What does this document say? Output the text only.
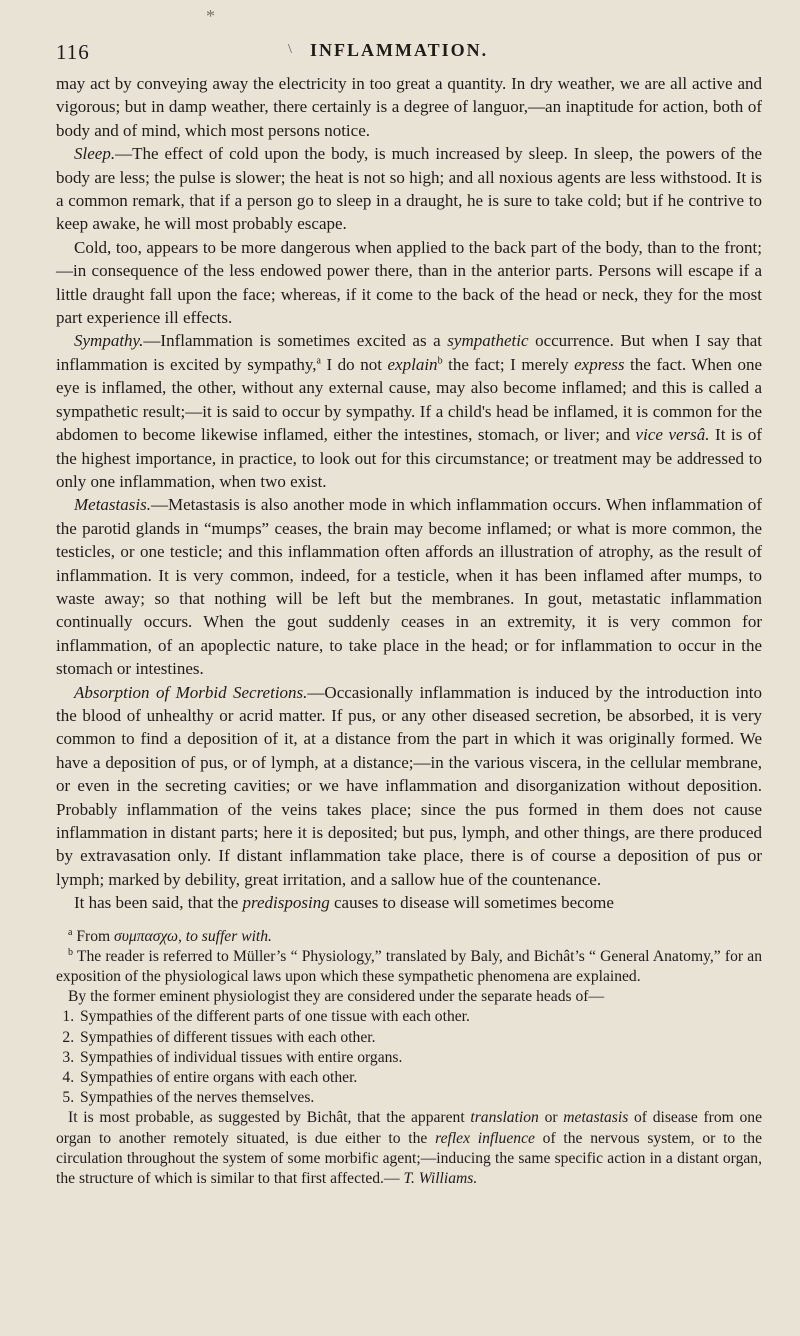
*
116	\ INFLAMMATION.

may act by conveying away the electricity in too great a quantity. In dry weather, we are all active and vigorous; but in damp weather, there certainly is a degree of languor,—an inaptitude for action, both of body and of mind, which most persons notice.

Sleep.—The effect of cold upon the body, is much increased by sleep. In sleep, the powers of the body are less; the pulse is slower; the heat is not so high; and all noxious agents are less withstood. It is a common remark, that if a person go to sleep in a draught, he is sure to take cold; but if he contrive to keep awake, he will most probably escape.

Cold, too, appears to be more dangerous when applied to the back part of the body, than to the front;—in consequence of the less endowed power there, than in the anterior parts. Persons will escape if a little draught fall upon the face; whereas, if it come to the back of the head or neck, they for the most part experience ill effects.

Sympathy.—Inflammation is sometimes excited as a sympathetic occurrence. But when I say that inflammation is excited by sympathy,$^a$ I do not explain$^b$ the fact; I merely express the fact. When one eye is inflamed, the other, without any external cause, may also become inflamed; and this is called a sympathetic result;—it is said to occur by sympathy. If a child's head be inflamed, it is common for the abdomen to become likewise inflamed, either the intestines, stomach, or liver; and vice versâ. It is of the highest importance, in practice, to look out for this circumstance; or treatment may be addressed to only one inflammation, when two exist.

Metastasis.—Metastasis is also another mode in which inflammation occurs. When inflammation of the parotid glands in “mumps” ceases, the brain may become inflamed; or what is more common, the testicles, or one testicle; and this inflammation often affords an illustration of atrophy, as the result of inflammation. It is very common, indeed, for a testicle, when it has been inflamed after mumps, to waste away; so that nothing will be left but the membranes. In gout, metastatic inflammation continually occurs. When the gout suddenly ceases in an extremity, it is very common for inflammation, of an apoplectic nature, to take place in the head; or for inflammation to occur in the stomach or intestines.

Absorption of Morbid Secretions.—Occasionally inflammation is induced by the introduction into the blood of unhealthy or acrid matter. If pus, or any other diseased secretion, be absorbed, it is very common to find a deposition of it, at a distance from the part in which it was originally formed. We have a deposition of pus, or of lymph, at a distance;—in the various viscera, in the cellular membrane, or even in the secreting cavities; or we have inflammation and disorganization without deposition. Probably inflammation of the veins takes place; since the pus formed in them does not cause inflammation in distant parts; here it is deposited; but pus, lymph, and other things, are there produced by extravasation only. If distant inflammation take place, there is of course a deposition of pus or lymph; marked by debility, great irritation, and a sallow hue of the countenance.

It has been said, that the predisposing causes to disease will sometimes become

$^a$ From συμπασχω, to suffer with.

$^b$ The reader is referred to Müller’s “ Physiology,” translated by Baly, and Bichât’s “ General Anatomy,” for an exposition of the physiological laws upon which these sympathetic phenomena are explained.

By the former eminent physiologist they are considered under the separate heads of—

1. Sympathies of the different parts of one tissue with each other.
2. Sympathies of different tissues with each other.
3. Sympathies of individual tissues with entire organs.
4. Sympathies of entire organs with each other.
5. Sympathies of the nerves themselves.

It is most probable, as suggested by Bichât, that the apparent translation or metastasis of disease from one organ to another remotely situated, is due either to the reflex influence of the nervous system, or to the circulation throughout the system of some morbific agent;—inducing the same specific action in a distant organ, the structure of which is similar to that first affected.— T. Williams.
